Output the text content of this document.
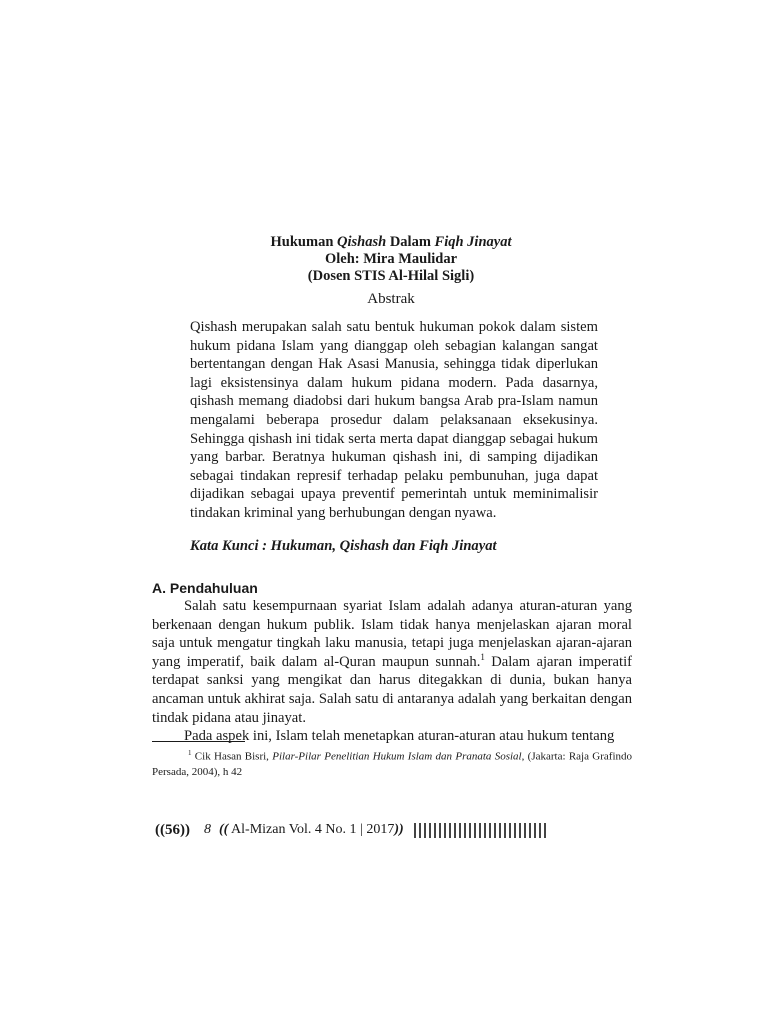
Hukuman Qishash Dalam Fiqh Jinayat
Oleh: Mira Maulidar
(Dosen STIS Al-Hilal Sigli)
Abstrak
Qishash merupakan salah satu bentuk hukuman pokok dalam sistem hukum pidana Islam yang dianggap oleh sebagian kalangan sangat bertentangan dengan Hak Asasi Manusia, sehingga tidak diperlukan lagi eksistensinya dalam hukum pidana modern. Pada dasarnya, qishash memang diadobsi dari hukum bangsa Arab pra-Islam namun mengalami beberapa prosedur dalam pelaksanaan eksekusinya. Sehingga qishash ini tidak serta merta dapat dianggap sebagai hukum yang barbar. Beratnya hukuman qishash ini, di samping dijadikan sebagai tindakan represif terhadap pelaku pembunuhan, juga dapat dijadikan sebagai upaya preventif pemerintah untuk meminimalisir tindakan kriminal yang berhubungan dengan nyawa.
Kata Kunci : Hukuman, Qishash dan Fiqh Jinayat
A. Pendahuluan

Salah satu kesempurnaan syariat Islam adalah adanya aturan-aturan yang berkenaan dengan hukum publik. Islam tidak hanya menjelaskan ajaran moral saja untuk mengatur tingkah laku manusia, tetapi juga menjelaskan ajaran-ajaran yang imperatif, baik dalam al-Quran maupun sunnah.$^1$ Dalam ajaran imperatif terdapat sanksi yang mengikat dan harus ditegakkan di dunia, bukan hanya ancaman untuk akhirat saja. Salah satu di antaranya adalah yang berkaitan dengan tindak pidana atau jinayat.

Pada aspek ini, Islam telah menetapkan aturan-aturan atau hukum tentang

$^1$ Cik Hasan Bisri, Pilar-Pilar Penelitian Hukum Islam dan Pranata Sosial, (Jakarta: Raja Grafindo Persada, 2004), h 42
((56)) 8 (( Al-Mizan Vol. 4 No. 1 | 2017))
